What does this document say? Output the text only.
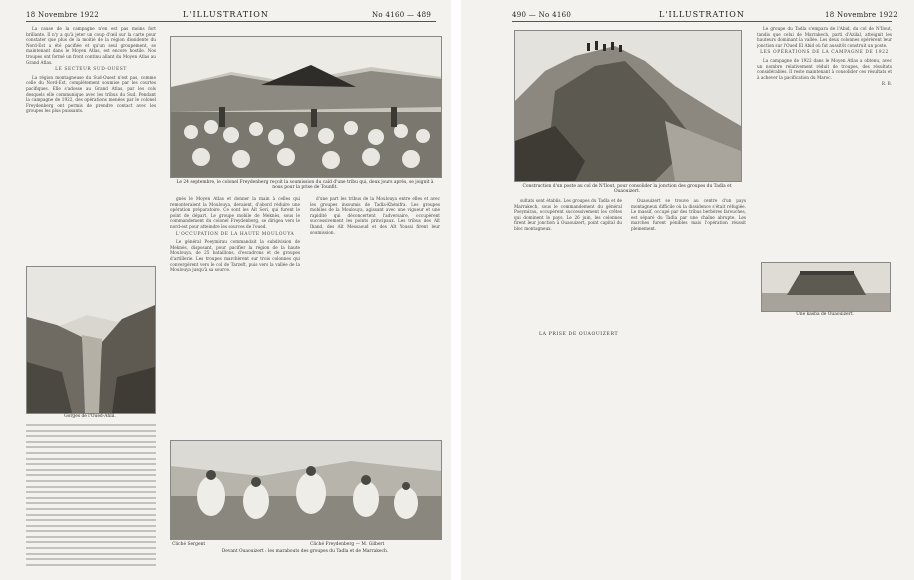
18 Novembre 1922	L'ILLUSTRATION	No 4160 — 489

La cause de la campagne n'en est pas moins fort brillante. Il n'y a qu'à jeter un coup d'œil sur la carte pour constater que plus de la moitié de la région dissidente du Nord-Est a été pacifiée et qu'un seul groupement, se maintenant dans le Moyen Atlas, est encore hostile. Nos troupes ont formé un front continu allant du Moyen Atlas au Grand Atlas.

LE SECTEUR SUD-OUEST

La région montagneuse du Sud-Ouest n'est pas, comme celle du Nord-Est, complètement soumise par les courtes pacifiques. Elle s'adosse au Grand Atlas, par les cols desquels elle communique avec les tribus du Sud. Pendant la campagne de 1922, des opérations menées par le colonel Freydenberg ont permis de prendre contact avec les groupes les plus puissants.

Gorges de l'Oued-Ahlil.
Le 24 septembre, le colonel Freydenberg reçoit la soumission du caïd d'une tribu qui, deux jours après, se joignit à nous pour la prise de Tounfit.

gnés le Moyen Atlas et donner la main à celles qui remonteraient la Moulouya, devaient, d'abord réduire une opération préparatoire. Ce sont les Aït Seri, qui furent le point de départ. Le groupe mobile de Meknès, sous le commandement du colonel Freydenberg, se dirigea vers le nord-est pour atteindre les sources de l'oued.

L'OCCUPATION DE LA HAUTE MOULOUYA

Le général Poeymirau commandait la subdivision de Meknès, disposant, pour pacifier la région de la haute Moulouya, de 25 bataillons, d'escadrons et de groupes d'artillerie. Les troupes marchèrent sur trois colonnes qui convergèrent vers le col de Tarzeft, puis vers la vallée de la Moulouya jusqu'à sa source.

d'une part les tribus de la Moulouya entre elles et avec les groupes insoumis de Tadla-Khénifra. Les groupes mobiles de la Moulouya, agissant avec une vigueur et une rapidité qui déconcertent l'adversaire, occupèrent successivement les points principaux. Les tribus des Aït Ihand, des Aït Messaoud et des Aït Youssi firent leur soumission.

Cliché Sergent	Cliché Freydenberg — M. Gilbert
Devant Ouaouizert : les marabouts des groupes du Tadla et de Marrakech.
490 — No 4160	L'ILLUSTRATION	18 Novembre 1922
Construction d'un poste au col de N'Ilout, pour consolider la jonction des groupes du Tadla et Ouaouizert.

Le groupe du Tadla s'empara de l'Abid, du col de N'Ilout, tandis que celui de Marrakech, parti d'Azilal, atteignit les hauteurs dominant la vallée. Les deux colonnes opérèrent leur jonction sur l'Oued El Abid où fut aussitôt construit un poste.

LES OPÉRATIONS DE LA CAMPAGNE DE 1922

La campagne de 1922 dans le Moyen Atlas a obtenu, avec un nombre relativement réduit de troupes, des résultats considérables. Il reste maintenant à consolider ces résultats et à achever la pacification du Maroc.

R. B.

Une kasba de Ouaouizert.

sultats sont établis. Les groupes du Tadla et de Marrakech, sous le commandement du général Poeymirau, occupèrent successivement les crêtes qui dominent le pays. Le 26 juin, les colonnes firent leur jonction à Ouaouizert, point capital du bloc montagneux.

LA PRISE DE OUAOUIZERT

Ouaouizert se trouve au centre d'un pays montagneux difficile où la dissidence s'était réfugiée. Le massif, occupé par des tribus berbères farouches, est séparé du Tadla par une chaîne abrupte. Les marches furent pénibles mais l'opération réussit pleinement.
